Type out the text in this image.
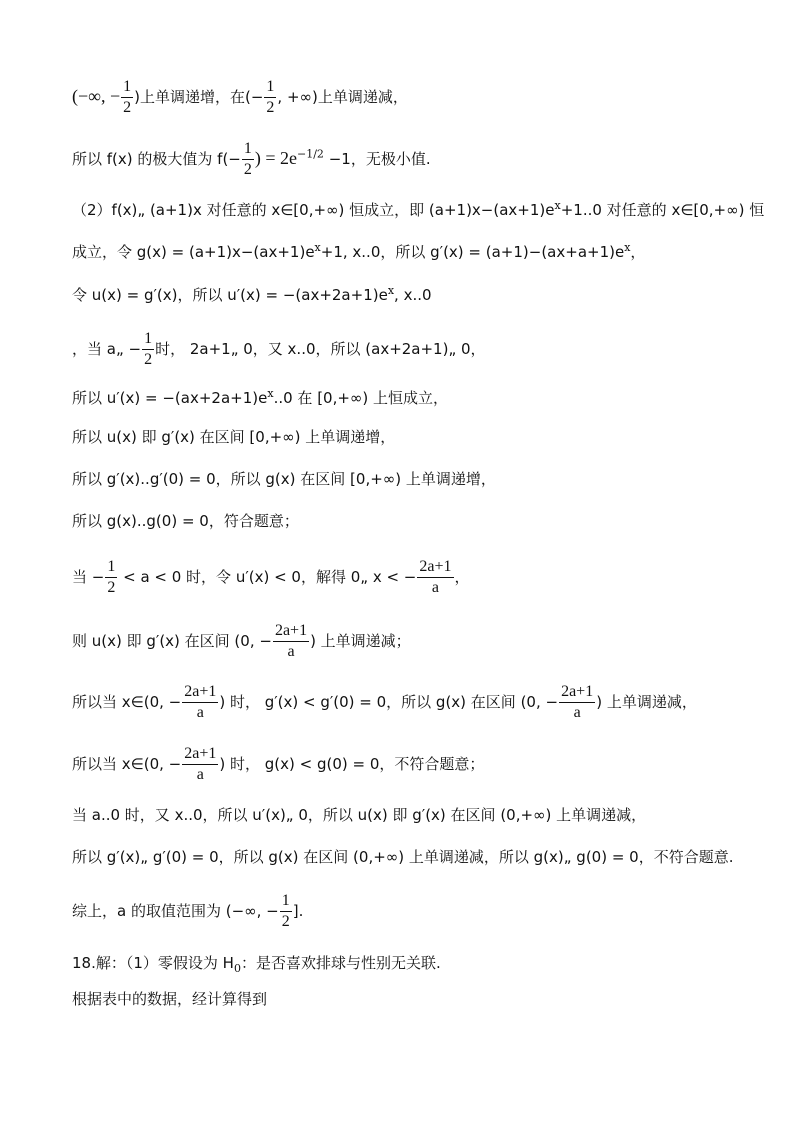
(−∞, − $\frac{1}{2}$ )上单调递增，在(− $\frac{1}{2}$ , +∞)上单调递减，
所以 f(x) 的极大值为 $f(- \frac{1}{2}$ ) = $2e^{-1/2} -1$，无极小值.
（2）f(x)„ (a+1)x 对任意的 x∈[0,+∞) 恒成立，即 $(a+1)x-(ax+1)e^x+1..0$ 对任意的 x∈[0,+∞) 恒
成立，令 $g(x) = (a+1)x-(ax+1)e^x+1$, x..0，所以 $g'(x) = (a+1)-(ax+a+1)e^x$，
令 u(x) = g′(x)，所以 $u'(x) = -(ax+2a+1)e^x$, x..0
，当 a„ − $\frac{1}{2}$ 时， 2a+1„ 0，又 x..0，所以 (ax+2a+1)„ 0，
所以 $u'(x) = -(ax+2a+1)e^x..0$ 在 [0,+∞) 上恒成立，
所以 u(x) 即 g′(x) 在区间 [0,+∞) 上单调递增，
所以 g′(x)..g′(0) = 0，所以 g(x) 在区间 [0,+∞) 上单调递增，
所以 g(x)..g(0) = 0，符合题意；
当 − $\frac{1}{2} < a < 0$ 时，令 u′(x) < 0，解得 0„ x < − $\frac{2a+1}{a}$ ，
则 u(x) 即 g′(x) 在区间 (0, − $\frac{2a+1}{a}$ ) 上单调递减；
所以当 x∈(0, − $\frac{2a+1}{a}$ ) 时， g′(x) < g′(0) = 0，所以 g(x) 在区间 (0, − $\frac{2a+1}{a}$ ) 上单调递减，
所以当 x∈(0, − $\frac{2a+1}{a}$ ) 时， g(x) < g(0) = 0，不符合题意；
当 a..0 时，又 x..0，所以 u′(x)„ 0，所以 u(x) 即 g′(x) 在区间 (0,+∞) 上单调递减，
所以 g′(x)„ g′(0) = 0，所以 g(x) 在区间 (0,+∞) 上单调递减，所以 g(x)„ g(0) = 0，不符合题意.
综上，a 的取值范围为 (−∞, − $\frac{1}{2}$ ].
18.解：（1）零假设为 $H_0$：是否喜欢排球与性别无关联.
根据表中的数据，经计算得到
